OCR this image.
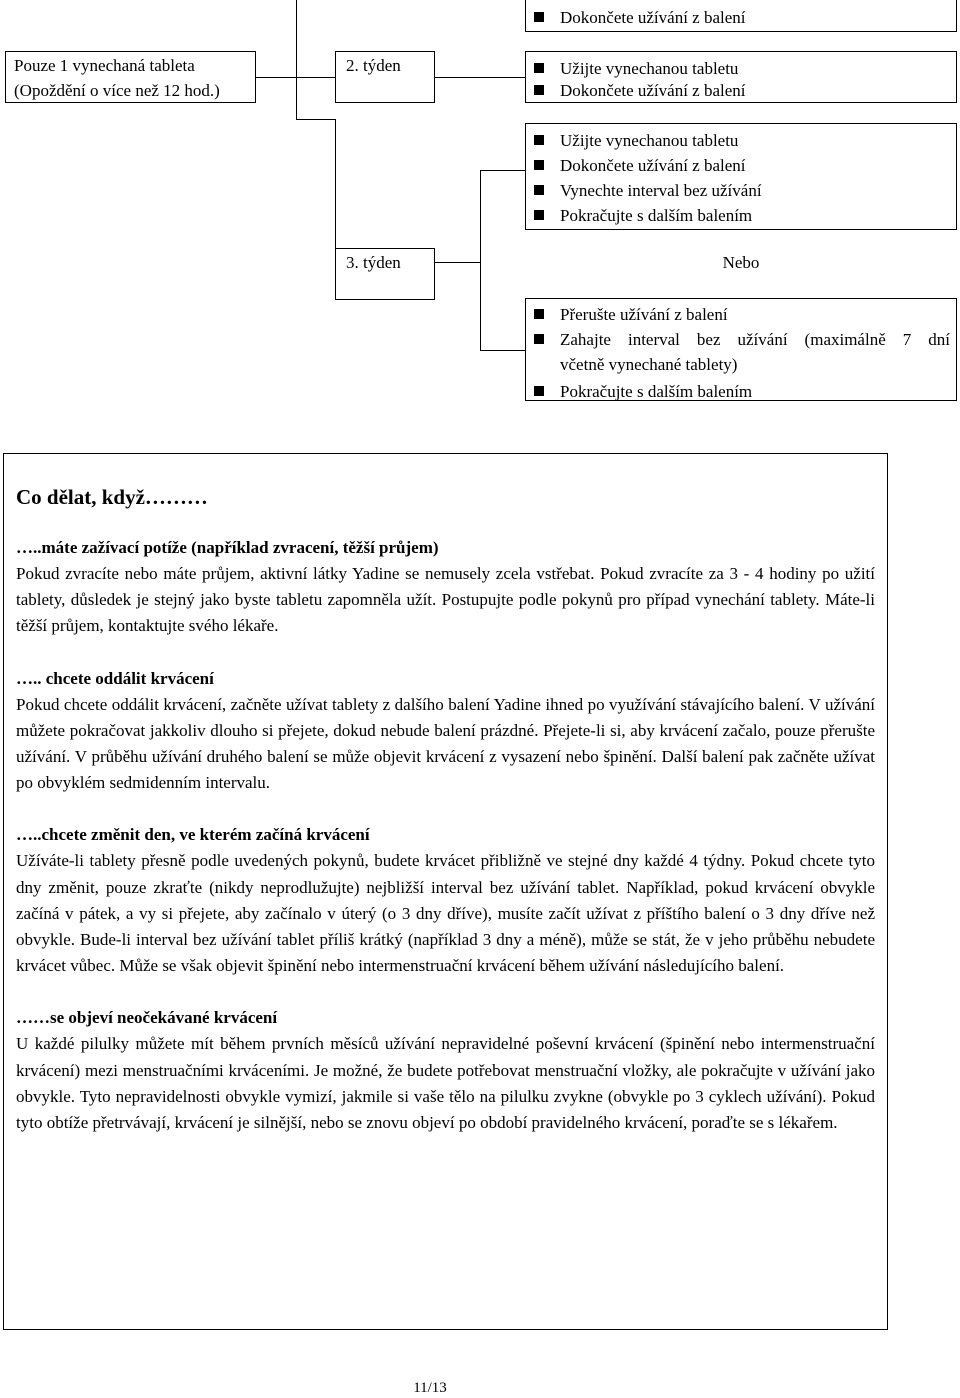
Dokončete užívání z balení
Pouze 1 vynechaná tableta
(Opoždění o více než 12 hod.)
2. týden	Užijte vynechanou tabletu
Dokončete užívání z balení
Užijte vynechanou tabletu
Dokončete užívání z balení
Vynechte interval bez užívání
Pokračujte s dalším balením
3. týden	Nebo
Přerušte užívání z balení
Zahajte interval bez užívání (maximálně 7 dní
včetně vynechané tablety)
Pokračujte s dalším balením
Co dělat, když………
…..máte zažívací potíže (například zvracení, těžší průjem)

Pokud zvracíte nebo máte průjem, aktivní látky Yadine se nemusely zcela vstřebat. Pokud zvracíte za 3 - 4 hodiny po užití tablety, důsledek je stejný jako byste tabletu zapomněla užít. Postupujte podle pokynů pro případ vynechání tablety. Máte-li těžší průjem, kontaktujte svého lékaře.

….. chcete oddálit krvácení

Pokud chcete oddálit krvácení, začněte užívat tablety z dalšího balení Yadine ihned po využívání stávajícího balení. V užívání můžete pokračovat jakkoliv dlouho si přejete, dokud nebude balení prázdné. Přejete-li si, aby krvácení začalo, pouze přerušte užívání. V průběhu užívání druhého balení se může objevit krvácení z vysazení nebo špinění. Další balení pak začněte užívat po obvyklém sedmidenním intervalu.

…..chcete změnit den, ve kterém začíná krvácení

Užíváte-li tablety přesně podle uvedených pokynů, budete krvácet přibližně ve stejné dny každé 4 týdny. Pokud chcete tyto dny změnit, pouze zkraťte (nikdy neprodlužujte) nejbližší interval bez užívání tablet. Například, pokud krvácení obvykle začíná v pátek, a vy si přejete, aby začínalo v úterý (o 3 dny dříve), musíte začít užívat z příštího balení o 3 dny dříve než obvykle. Bude-li interval bez užívání tablet příliš krátký (například 3 dny a méně), může se stát, že v jeho průběhu nebudete krvácet vůbec. Může se však objevit špinění nebo intermenstruační krvácení během užívání následujícího balení.

……se objeví neočekávané krvácení

U každé pilulky můžete mít během prvních měsíců užívání nepravidelné poševní krvácení (špinění nebo intermenstruační krvácení) mezi menstruačními krváceními. Je možné, že budete potřebovat menstruační vložky, ale pokračujte v užívání jako obvykle. Tyto nepravidelnosti obvykle vymizí, jakmile si vaše tělo na pilulku zvykne (obvykle po 3 cyklech užívání). Pokud tyto obtíže přetrvávají, krvácení je silnější, nebo se znovu objeví po období pravidelného krvácení, poraďte se s lékařem.

11/13
